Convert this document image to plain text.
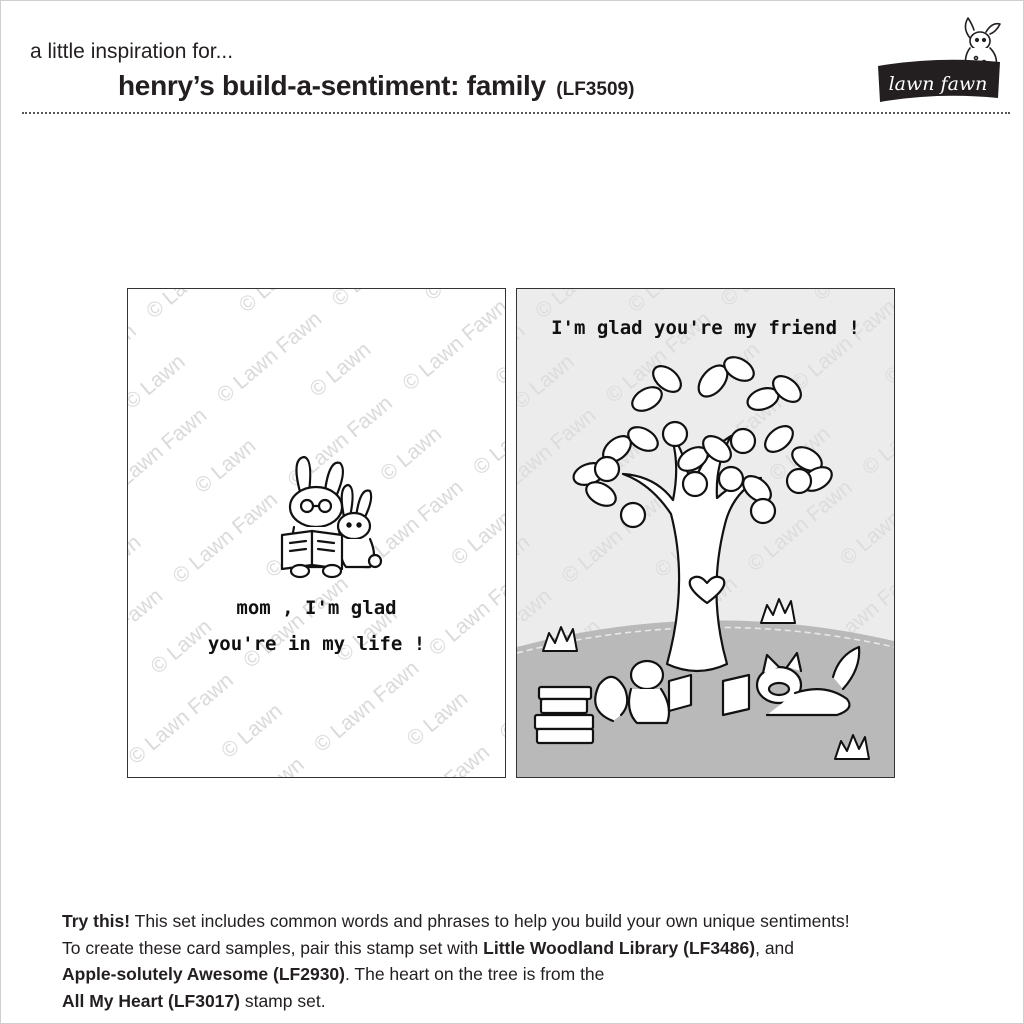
a little inspiration for...
henry’s build-a-sentiment: family (LF3509)	lawn fawn
mom , I'm glad
you're in my life !
I'm glad you're my friend !

Try this! This set includes common words and phrases to help you build your own unique sentiments!

To create these card samples, pair this stamp set with Little Woodland Library (LF3486), and

Apple-solutely Awesome (LF2930). The heart on the tree is from the

All My Heart (LF3017) stamp set.
